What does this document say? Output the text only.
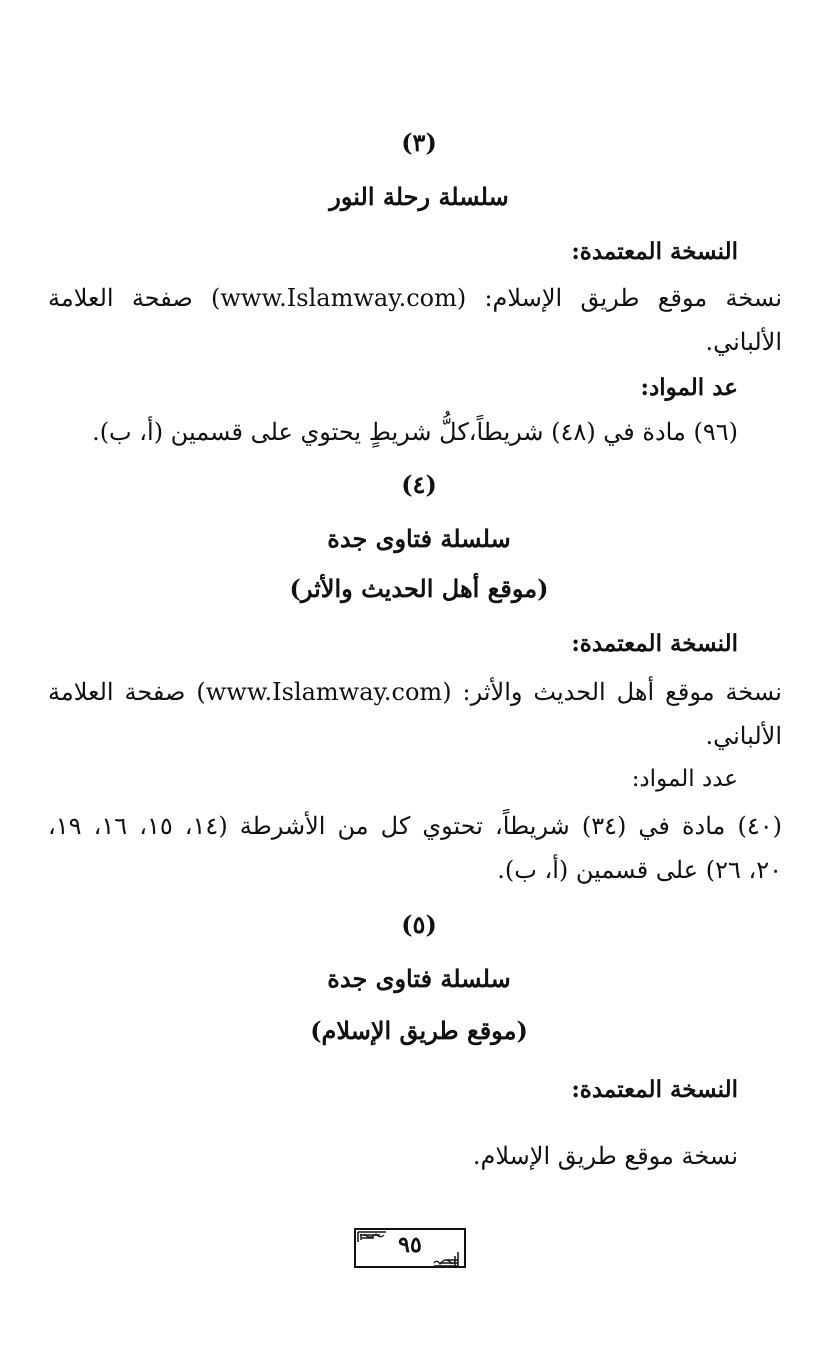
(٣)
سلسلة رحلة النور
النسخة المعتمدة:
نسخة موقع طريق الإسلام: (www.Islamway.com) صفحة العلامة
الألباني.
عد المواد:
(٩٦) مادة في (٤٨) شريطاً،كلُّ شريطٍ يحتوي على قسمين (أ، ب).
(٤)
سلسلة فتاوى جدة
(موقع أهل الحديث والأثر)
النسخة المعتمدة:
نسخة موقع أهل الحديث والأثر: (www.Islamway.com) صفحة العلامة
الألباني.
عدد المواد:
(٤٠) مادة في (٣٤) شريطاً، تحتوي كل من الأشرطة (١٤، ١٥، ١٦، ١٩،
٢٠، ٢٦) على قسمين (أ، ب).
(٥)
سلسلة فتاوى جدة
(موقع طريق الإسلام)
النسخة المعتمدة:
نسخة موقع طريق الإسلام.
٩٥
